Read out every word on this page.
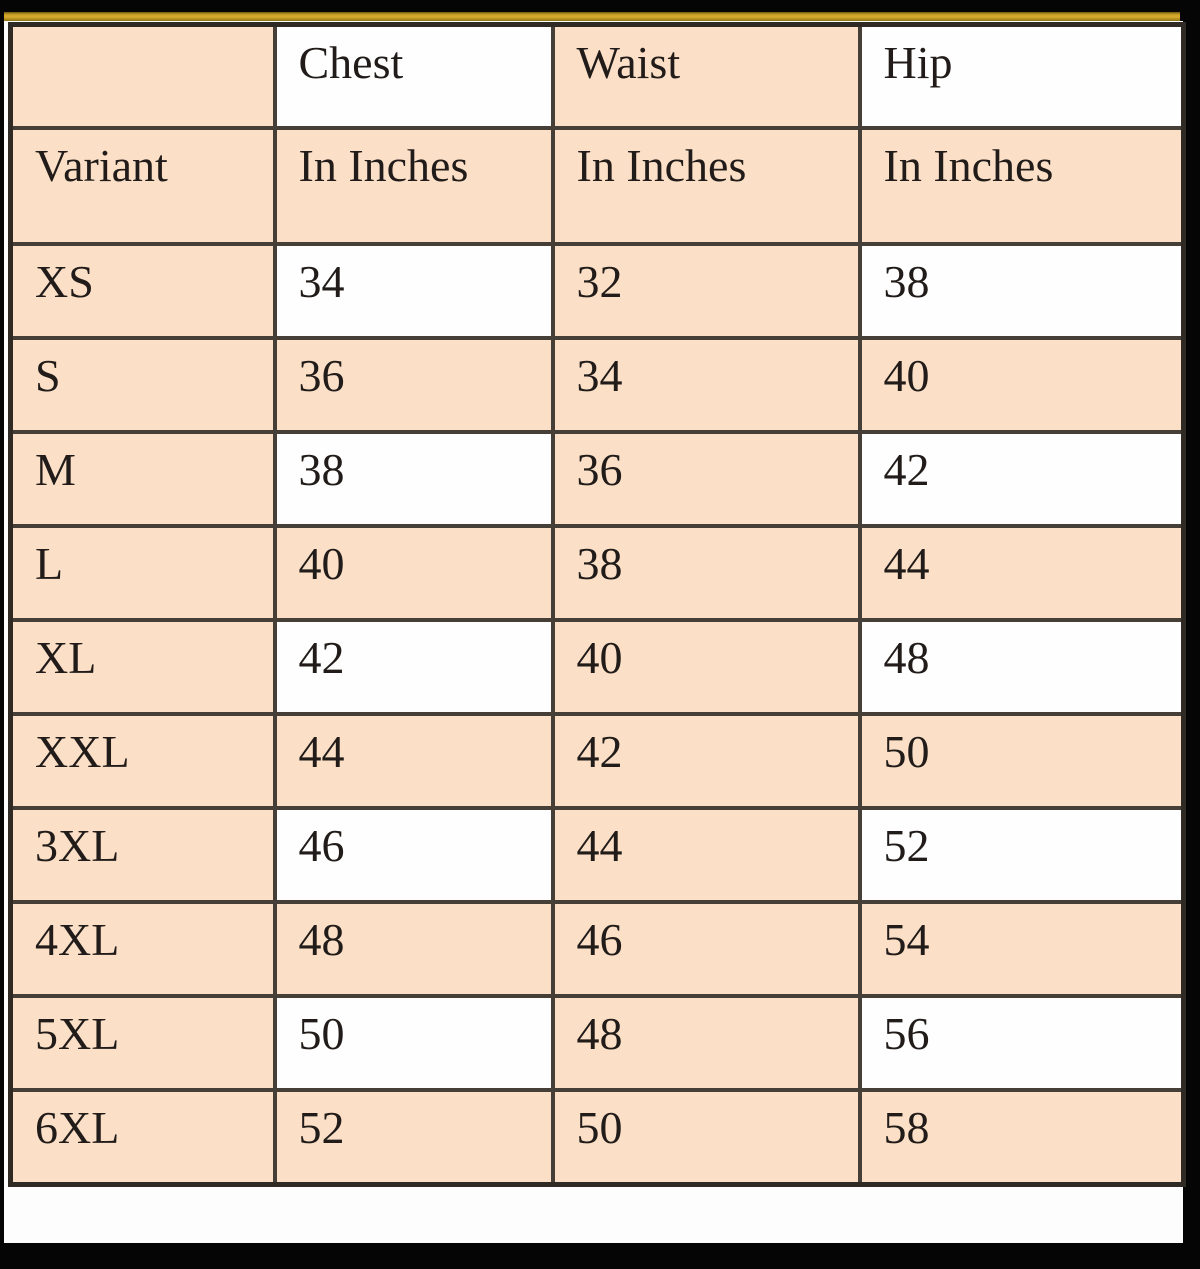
	Chest	Waist	Hip
Variant	In Inches	In Inches	In Inches
XS	34	32	38
S	36	34	40
M	38	36	42
L	40	38	44
XL	42	40	48
XXL	44	42	50
3XL	46	44	52
4XL	48	46	54
5XL	50	48	56
6XL	52	50	58
